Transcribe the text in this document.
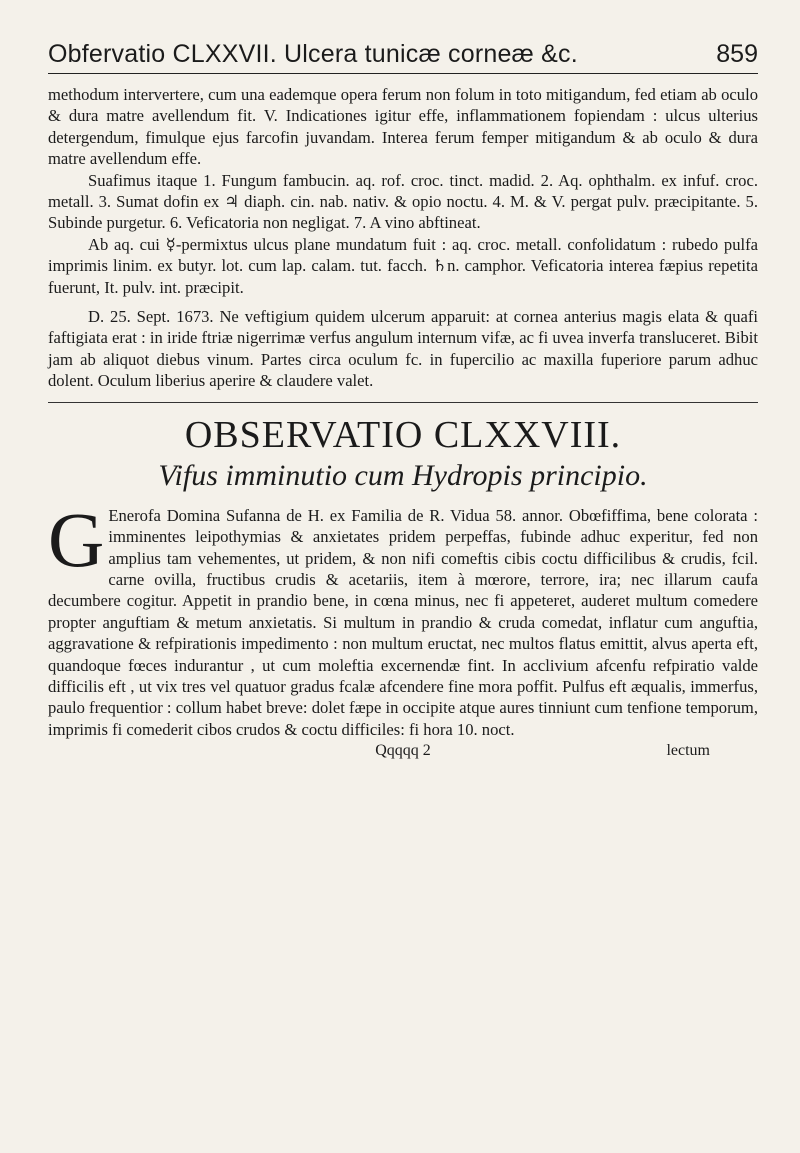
Obfervatio CLXXVII. Ulcera tunicæ corneæ &c.	859

methodum intervertere, cum una eademque opera ferum non folum in toto mitigandum, fed etiam ab oculo & dura matre avellendum fit. V. Indicationes igitur effe, inflammationem fopiendam : ulcus ulterius detergendum, fimulque ejus farcofin juvandam. Interea ferum femper mitigandum & ab oculo & dura matre avellendum effe.

Suafimus itaque 1. Fungum fambucin. aq. rof. croc. tinct. madid. 2. Aq. ophthalm. ex infuf. croc. metall. 3. Sumat dofin ex ♃ diaph. cin. nab. nativ. & opio noctu. 4. M. & V. pergat pulv. præcipitante. 5. Subinde purgetur. 6. Veficatoria non negligat. 7. A vino abftineat.

Ab aq. cui ☿-permixtus ulcus plane mundatum fuit : aq. croc. metall. confolidatum : rubedo pulfa imprimis linim. ex butyr. lot. cum lap. calam. tut. facch. ♄n. camphor. Veficatoria interea fæpius repetita fuerunt, It. pulv. int. præcipit.

D. 25. Sept. 1673. Ne veftigium quidem ulcerum apparuit: at cornea anterius magis elata & quafi faftigiata erat : in iride ftriæ nigerrimæ verfus angulum internum vifæ, ac fi uvea inverfa transluceret. Bibit jam ab aliquot diebus vinum. Partes circa oculum fc. in fupercilio ac maxilla fuperiore parum adhuc dolent. Oculum liberius aperire & claudere valet.

OBSERVATIO CLXXVIII.
Vifus imminutio cum Hydropis principio.
G Enerofa Domina Sufanna de H. ex Familia de R. Vidua 58. annor. Obœfiffima, bene colorata : imminentes leipothymias & anxietates pridem perpeffas, fubinde adhuc experitur, fed non amplius tam vehementes, ut pridem, & non nifi comeftis cibis coctu difficilibus & crudis, fcil. carne ovilla, fructibus crudis & acetariis, item à mœrore, terrore, ira; nec illarum caufa decumbere cogitur. Appetit in prandio bene, in cœna minus, nec fi appeteret, auderet multum comedere propter anguftiam & metum anxietatis. Si multum in prandio & cruda comedat, inflatur cum anguftia, aggravatione & refpirationis impedimento : non multum eructat, nec multos flatus emittit, alvus aperta eft, quandoque fœces indurantur , ut cum moleftia excernendæ fint. In acclivium afcenfu refpiratio valde difficilis eft , ut vix tres vel quatuor gradus fcalæ afcendere fine mora poffit. Pulfus eft æqualis, immerfus, paulo frequentior : collum habet breve: dolet fæpe in occipite atque aures tinniunt cum tenfione temporum, imprimis fi comederit cibos crudos & coctu difficiles: fi hora 10. noct.

Qqqqq 2	lectum
